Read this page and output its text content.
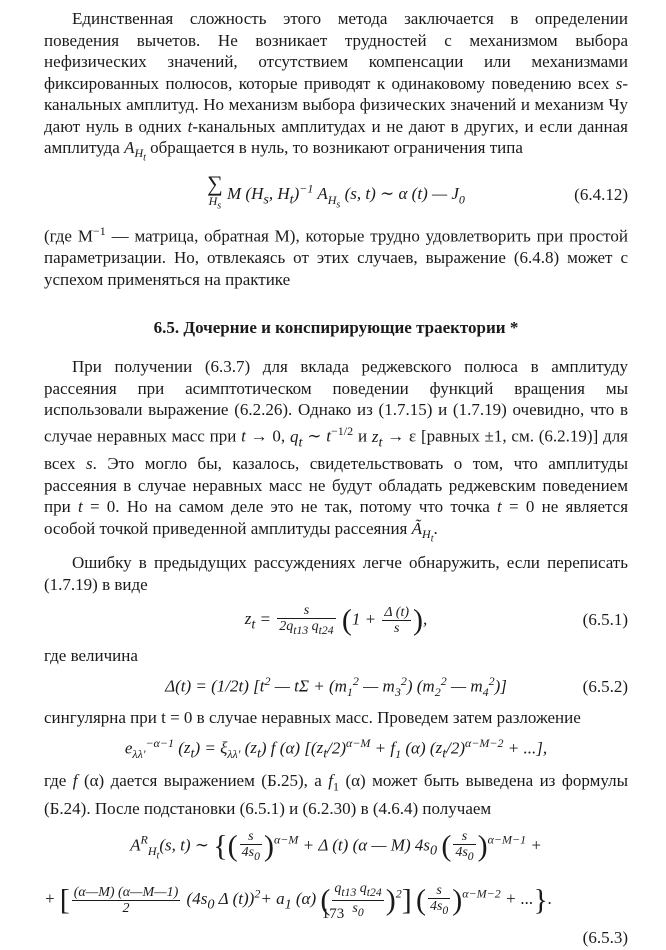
Единственная сложность этого метода заключается в определении поведения вычетов. Не возникает трудностей с механизмом выбора нефизических значений, отсутствием компенсации или механизмами фиксированных полюсов, которые приводят к одинаковому поведению всех s-канальных амплитуд. Но механизм выбора физических значений и механизм Чу дают нуль в одних t-канальных амплитудах и не дают в других, и если данная амплитуда $A_{H_t}$ обращается в нуль, то возникают ограничения типа

∑
$H_s$ M ($H_s$, $H_t)^{-1}$ $A_{H_s}$ (s, t) ∼ α (t) — $J_0$	(6.4.12)

(где $M^{-1}$ — матрица, обратная M), которые трудно удовлетворить при простой параметризации. Но, отвлекаясь от этих случаев, выражение (6.4.8) может с успехом применяться на практике

6.5. Дочерние и конспирирующие траектории *

При получении (6.3.7) для вклада реджевского полюса в амплитуду рассеяния при асимптотическом поведении функций вращения мы использовали выражение (6.2.26). Однако из (1.7.15) и (1.7.19) очевидно, что в случае неравных масс при t → 0, $q_t$ ∼ $t^{-1/2}$ и $z_t \to \varepsilon$ [равных ±1, см. (6.2.19)] для всех s. Это могло бы, казалось, свидетельствовать о том, что амплитуды рассеяния в случае неравных масс не будут обладать реджевским поведением при t = 0. Но на самом деле это не так, потому что точка t = 0 не является особой точкой приведенной амплитуды рассеяния $Ã_{H_t}$.

Ошибку в предыдущих рассуждениях легче обнаружить, если переписать (1.7.19) в виде

$z_t = \frac{s}{2q_{t13} q_{t24}} (1 + \frac{\Delta (t)}{s}$ ),	(6.5.1)

где величина

Δ(t) = (1/2t) [$t^2$ — $t\Sigma + (m_1^2$ — $m_3^2$) ($m_2^2$ — $m_4^2$)]	(6.5.2)

сингулярна при t = 0 в случае неравных масс. Проведем затем разложение

$e_{\lambda\lambda'}^{-\alpha-1}$ $(z_t) = \xi_{\lambda\lambda'}$ $(z_t)$ f (α) [$(z_t/2)^{\alpha-M} + f_1$ (α) $(z_t/2)^{\alpha-M-2}$ + ...],

где f (α) дается выражением (Б.25), а $f_1$ (α) может быть выведена из формулы (Б.24). После подстановки (6.5.1) и (6.2.30) в (4.6.4) получаем

$A^R_{H_t}(s$, t) ∼ {( $\frac{s}{4s_0} )^{\alpha-M} + \Delta$ (t) (α — M) $4s_0$ ( $\frac{s}{4s_0} )^{\alpha-M-1}$ +
+ [ $\frac{(\alpha—M) (\alpha—M—1)}{2} (4s_0$ Δ $(t))^2+ a_1$ (α) ( $\frac{q_{t13} q_{t24}}{s_0} )^2$] ( $\frac{s}{4s_0} )^{\alpha-M-2}$ + ...}.
(6.5.3)
173
